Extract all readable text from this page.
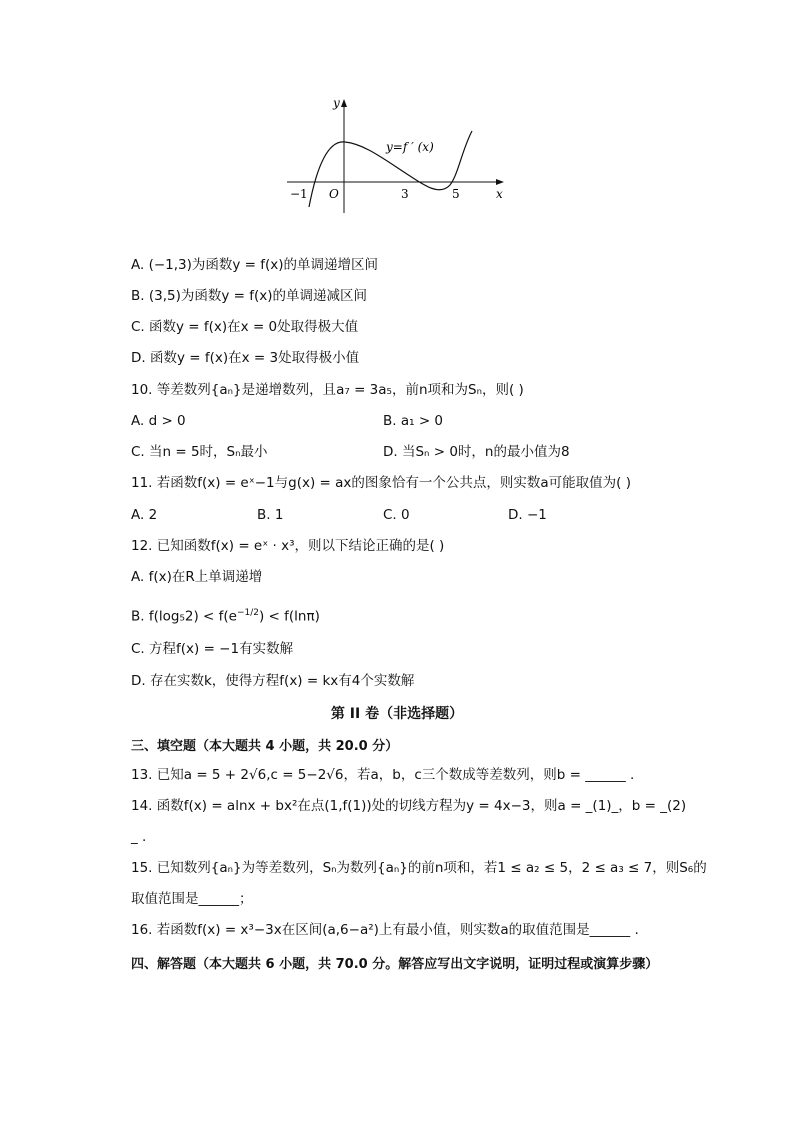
y
x
O
−1	3	5
y=f ′ (x)
A. (−1,3)为函数y = f(x)的单调递增区间
B. (3,5)为函数y = f(x)的单调递减区间
C. 函数y = f(x)在x = 0处取得极大值
D. 函数y = f(x)在x = 3处取得极小值
10. 等差数列{aₙ}是递增数列，且a₇ = 3a₅，前n项和为Sₙ，则( )
A. d > 0	B. a₁ > 0
C. 当n = 5时，Sₙ最小	D. 当Sₙ > 0时，n的最小值为8
11. 若函数f(x) = eˣ−1与g(x) = ax的图象恰有一个公共点，则实数a可能取值为( )
A. 2	B. 1	C. 0	D. −1
12. 已知函数f(x) = eˣ · x³，则以下结论正确的是( )
A. f(x)在R上单调递增
B. $f(\log_52) < f(e^{-1/2}) < f(\ln\pi)$
C. 方程f(x) = −1有实数解
D. 存在实数k，使得方程f(x) = kx有4个实数解
第 II 卷（非选择题）
三、填空题（本大题共 4 小题，共 20.0 分）
13. 已知a = 5 + 2√6,c = 5−2√6，若a，b，c三个数成等差数列，则b = ______ .
14. 函数f(x) = alnx + bx²在点(1,f(1))处的切线方程为y = 4x−3，则a = _(1)_，b = _(2)
_ .
15. 已知数列{aₙ}为等差数列，Sₙ为数列{aₙ}的前n项和，若1 ≤ a₂ ≤ 5，2 ≤ a₃ ≤ 7，则S₆的
取值范围是______；
16. 若函数f(x) = x³−3x在区间(a,6−a²)上有最小值，则实数a的取值范围是______ .
四、解答题（本大题共 6 小题，共 70.0 分。解答应写出文字说明，证明过程或演算步骤）
